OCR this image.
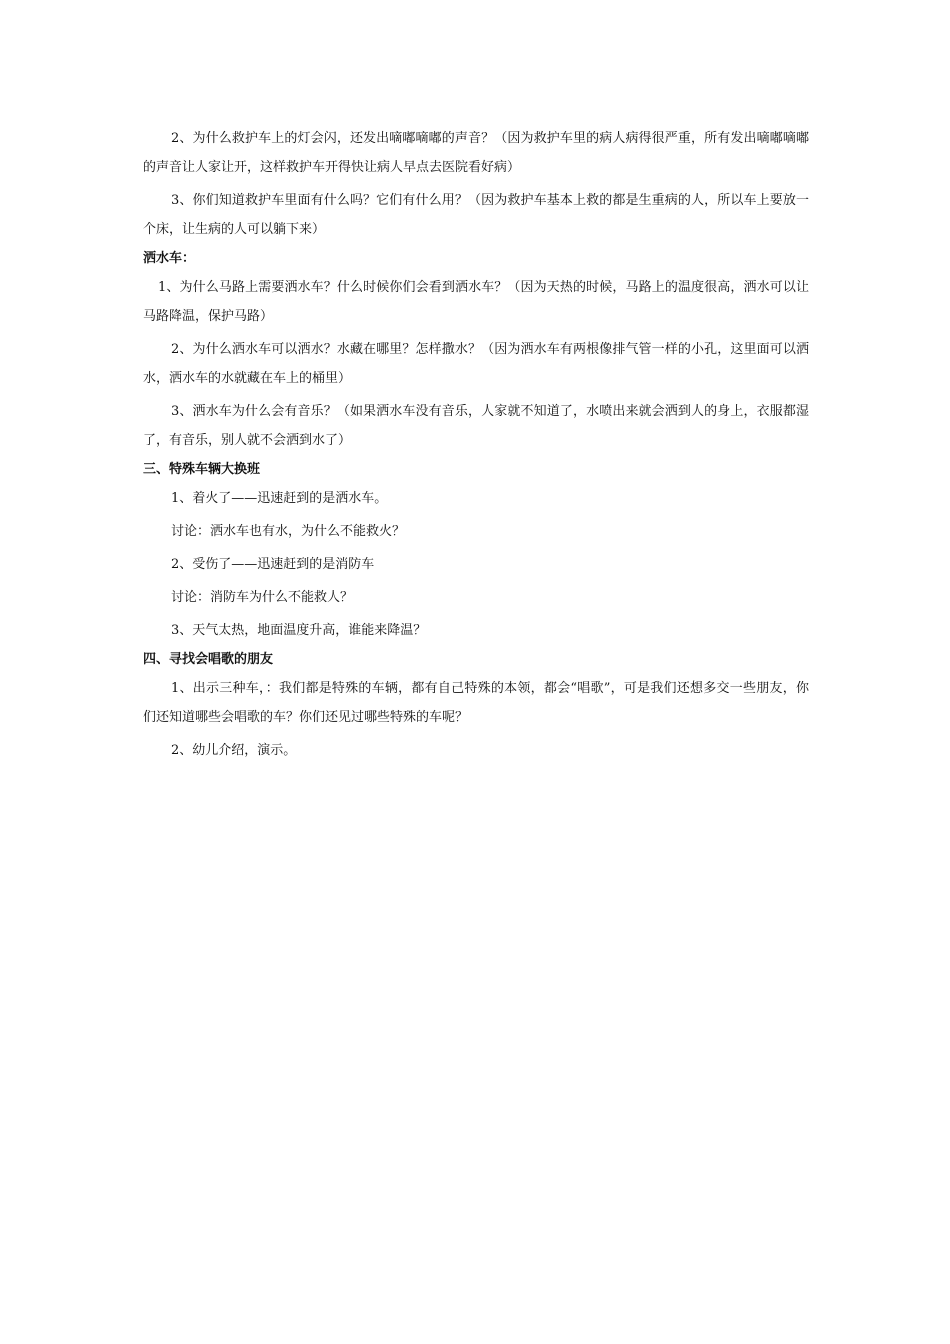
2、为什么救护车上的灯会闪，还发出嘀嘟嘀嘟的声音？（因为救护车里的病人病得很严重，所有发出嘀嘟嘀嘟的声音让人家让开，这样救护车开得快让病人早点去医院看好病）

3、你们知道救护车里面有什么吗？它们有什么用？（因为救护车基本上救的都是生重病的人，所以车上要放一个床，让生病的人可以躺下来）

洒水车：

1、为什么马路上需要洒水车？什么时候你们会看到洒水车？（因为天热的时候，马路上的温度很高，洒水可以让马路降温，保护马路）

2、为什么洒水车可以洒水？水藏在哪里？怎样撒水？（因为洒水车有两根像排气管一样的小孔，这里面可以洒水，洒水车的水就藏在车上的桶里）

3、洒水车为什么会有音乐？（如果洒水车没有音乐，人家就不知道了，水喷出来就会洒到人的身上，衣服都湿了，有音乐，别人就不会洒到水了）

三、特殊车辆大换班

1、着火了——迅速赶到的是洒水车。

讨论：洒水车也有水，为什么不能救火？

2、受伤了——迅速赶到的是消防车

讨论：消防车为什么不能救人？

3、天气太热，地面温度升高，谁能来降温？

四、寻找会唱歌的朋友

1、出示三种车，：我们都是特殊的车辆，都有自己特殊的本领，都会“唱歌”，可是我们还想多交一些朋友，你们还知道哪些会唱歌的车？你们还见过哪些特殊的车呢？

2、幼儿介绍，演示。
